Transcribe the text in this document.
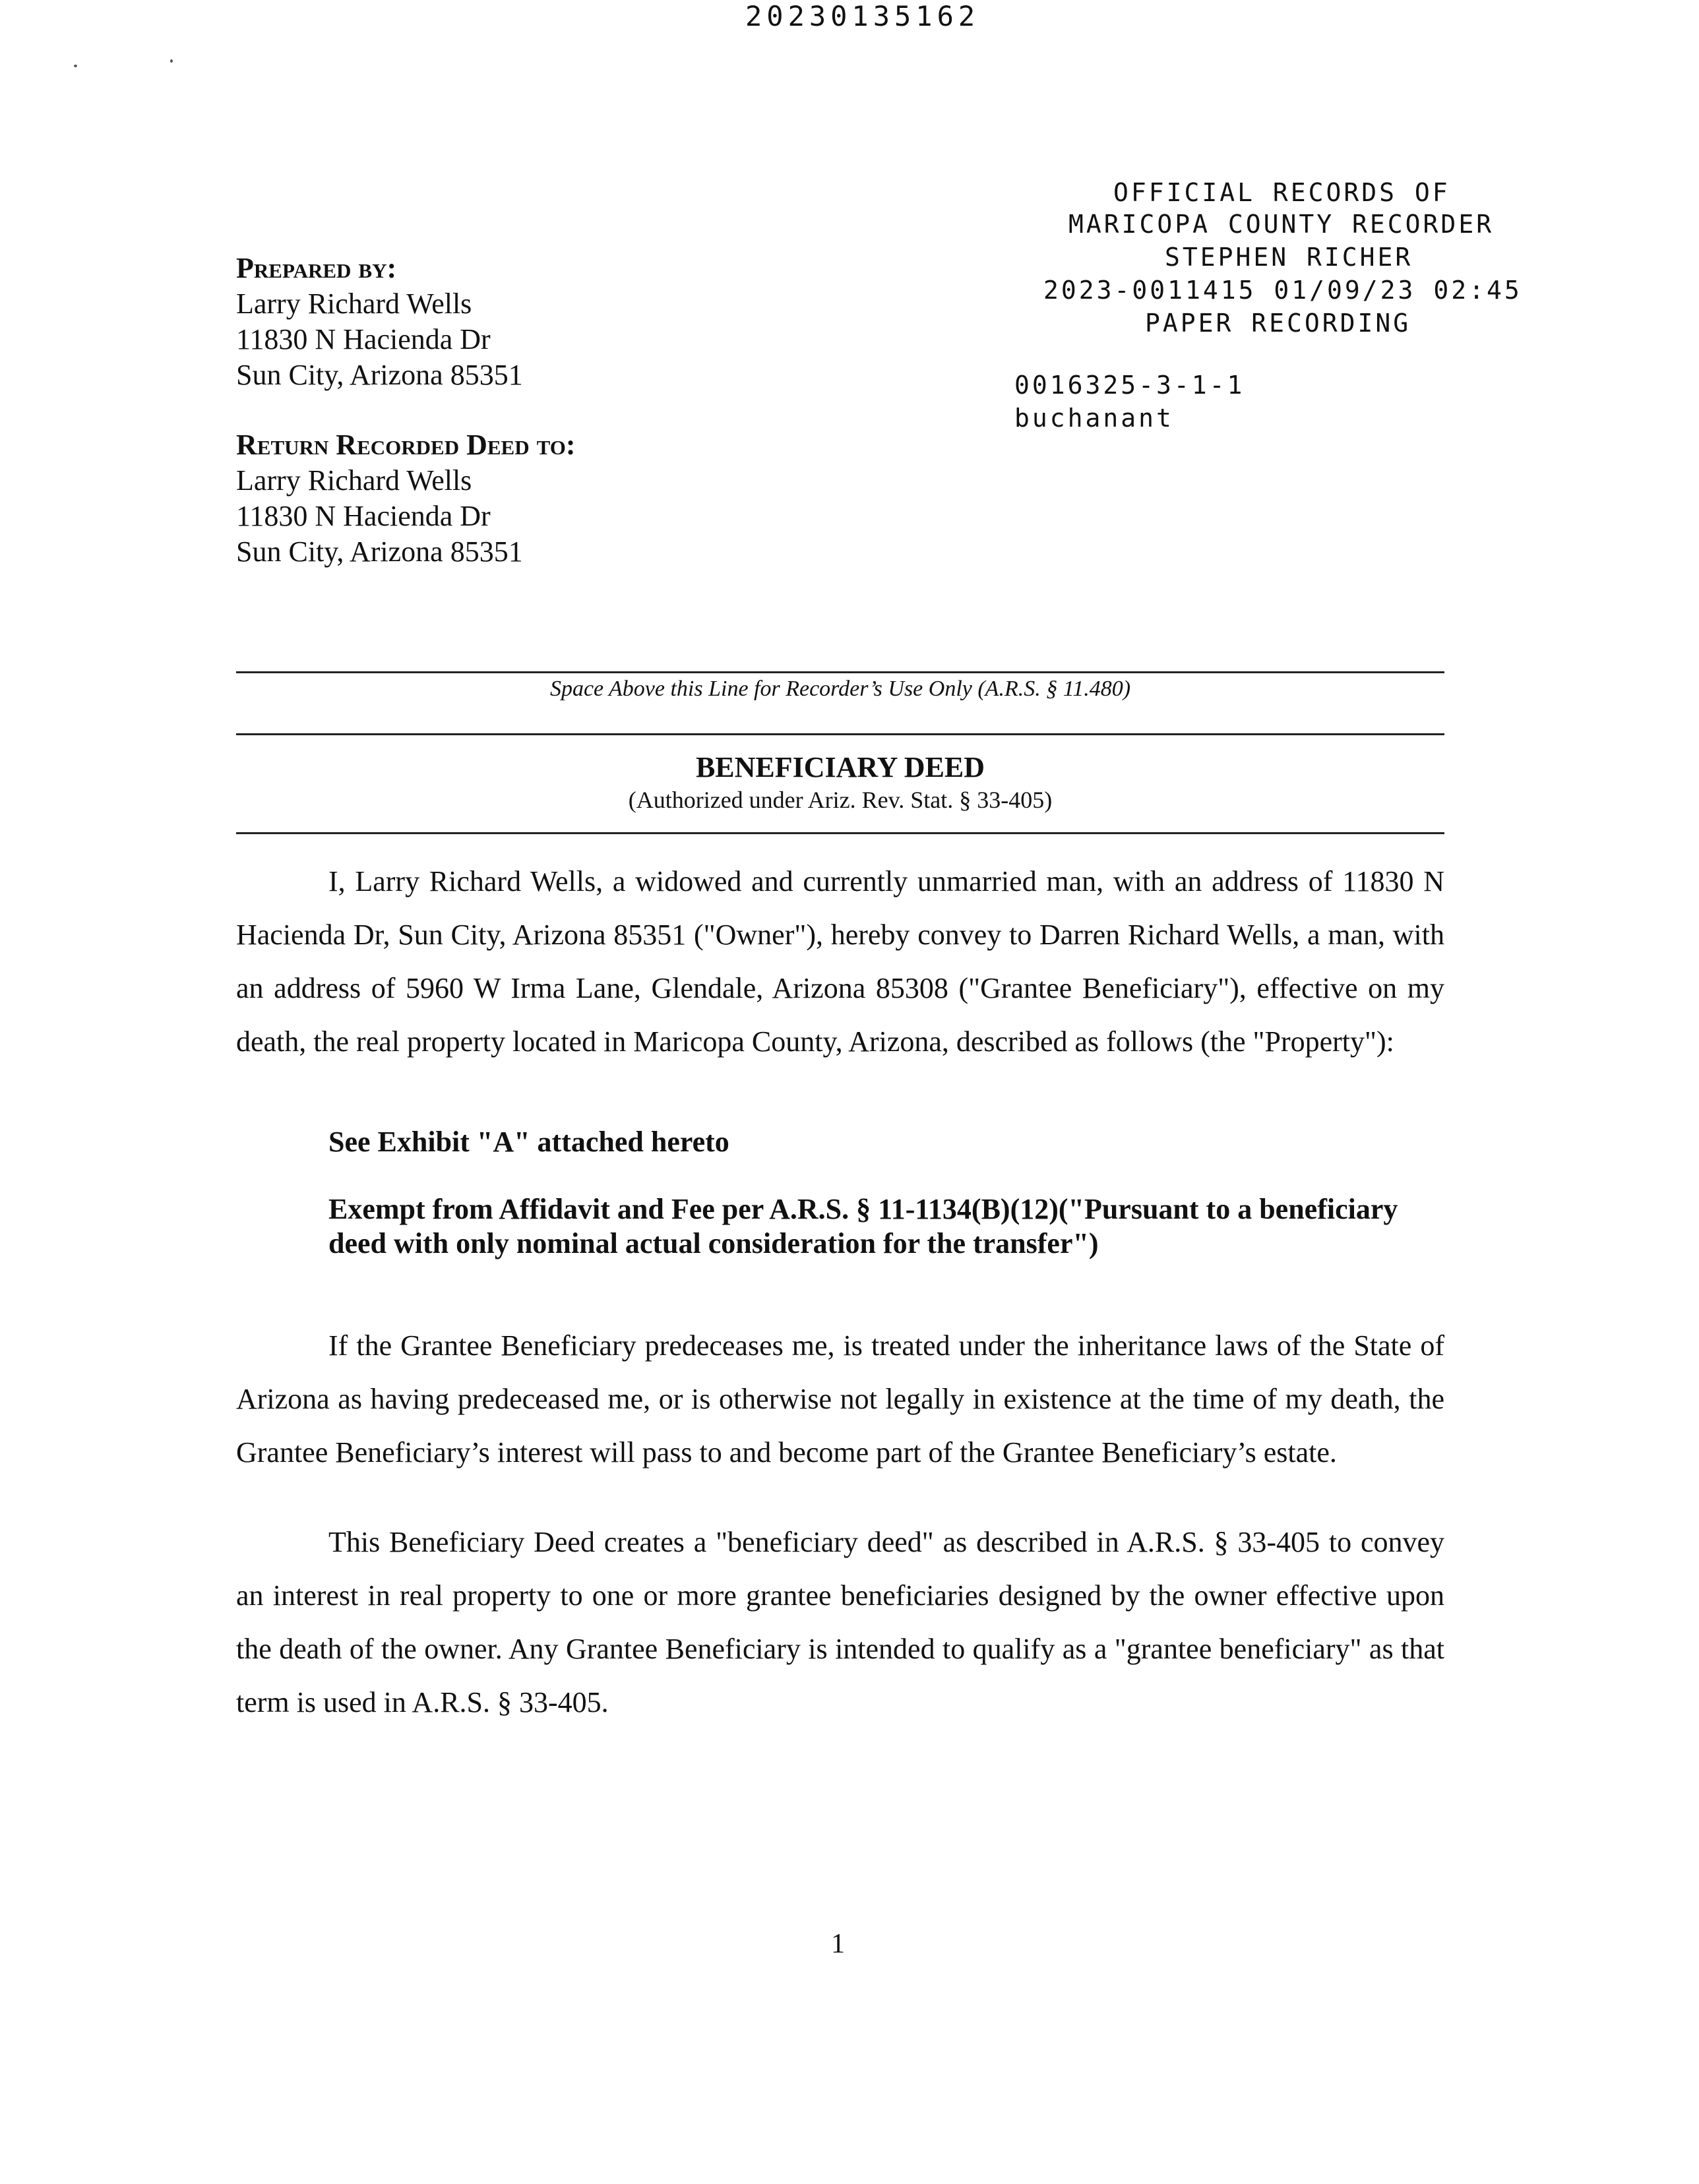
20230135162
OFFICIAL RECORDS OF
MARICOPA COUNTY RECORDER
STEPHEN RICHER
2023-0011415 01/09/23 02:45
PAPER RECORDING
0016325-3-1-1
buchanant
Prepared by:
Larry Richard Wells
11830 N Hacienda Dr
Sun City, Arizona 85351
Return Recorded Deed to:
Larry Richard Wells
11830 N Hacienda Dr
Sun City, Arizona 85351
Space Above this Line for Recorder’s Use Only (A.R.S. § 11.480)
BENEFICIARY DEED
(Authorized under Ariz. Rev. Stat. § 33-405)

I, Larry Richard Wells, a widowed and currently unmarried man, with an address of 11830 N Hacienda Dr, Sun City, Arizona 85351 ("Owner"), hereby convey to Darren Richard Wells, a man, with an address of 5960 W Irma Lane, Glendale, Arizona 85308 ("Grantee Beneficiary"), effective on my death, the real property located in Maricopa County, Arizona, described as follows (the "Property"):

See Exhibit "A" attached hereto
Exempt from Affidavit and Fee per A.R.S. § 11-1134(B)(12)("Pursuant to a beneficiary deed with only nominal actual consideration for the transfer")

If the Grantee Beneficiary predeceases me, is treated under the inheritance laws of the State of Arizona as having predeceased me, or is otherwise not legally in existence at the time of my death, the Grantee Beneficiary’s interest will pass to and become part of the Grantee Beneficiary’s estate.

This Beneficiary Deed creates a "beneficiary deed" as described in A.R.S. § 33-405 to convey an interest in real property to one or more grantee beneficiaries designed by the owner effective upon the death of the owner. Any Grantee Beneficiary is intended to qualify as a "grantee beneficiary" as that term is used in A.R.S. § 33-405.

1
